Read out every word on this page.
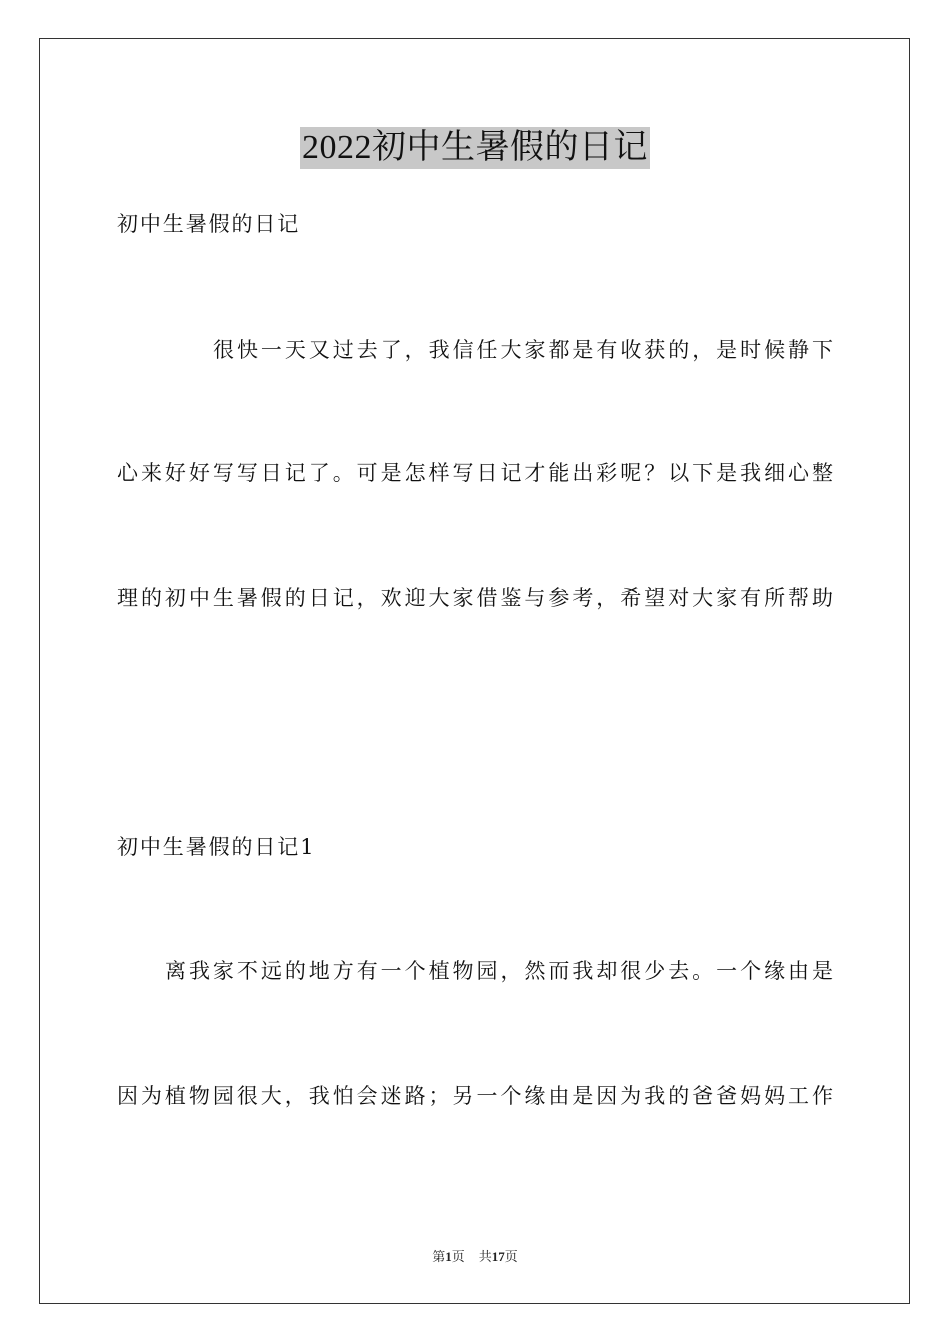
2022初中生暑假的日记
初中生暑假的日记
很快一天又过去了，我信任大家都是有收获的，是时候静下
心来好好写写日记了。可是怎样写日记才能出彩呢？以下是我细心整
理的初中生暑假的日记，欢迎大家借鉴与参考，希望对大家有所帮助
初中生暑假的日记1
离我家不远的地方有一个植物园，然而我却很少去。一个缘由是
因为植物园很大，我怕会迷路；另一个缘由是因为我的爸爸妈妈工作
第1页 共17页
